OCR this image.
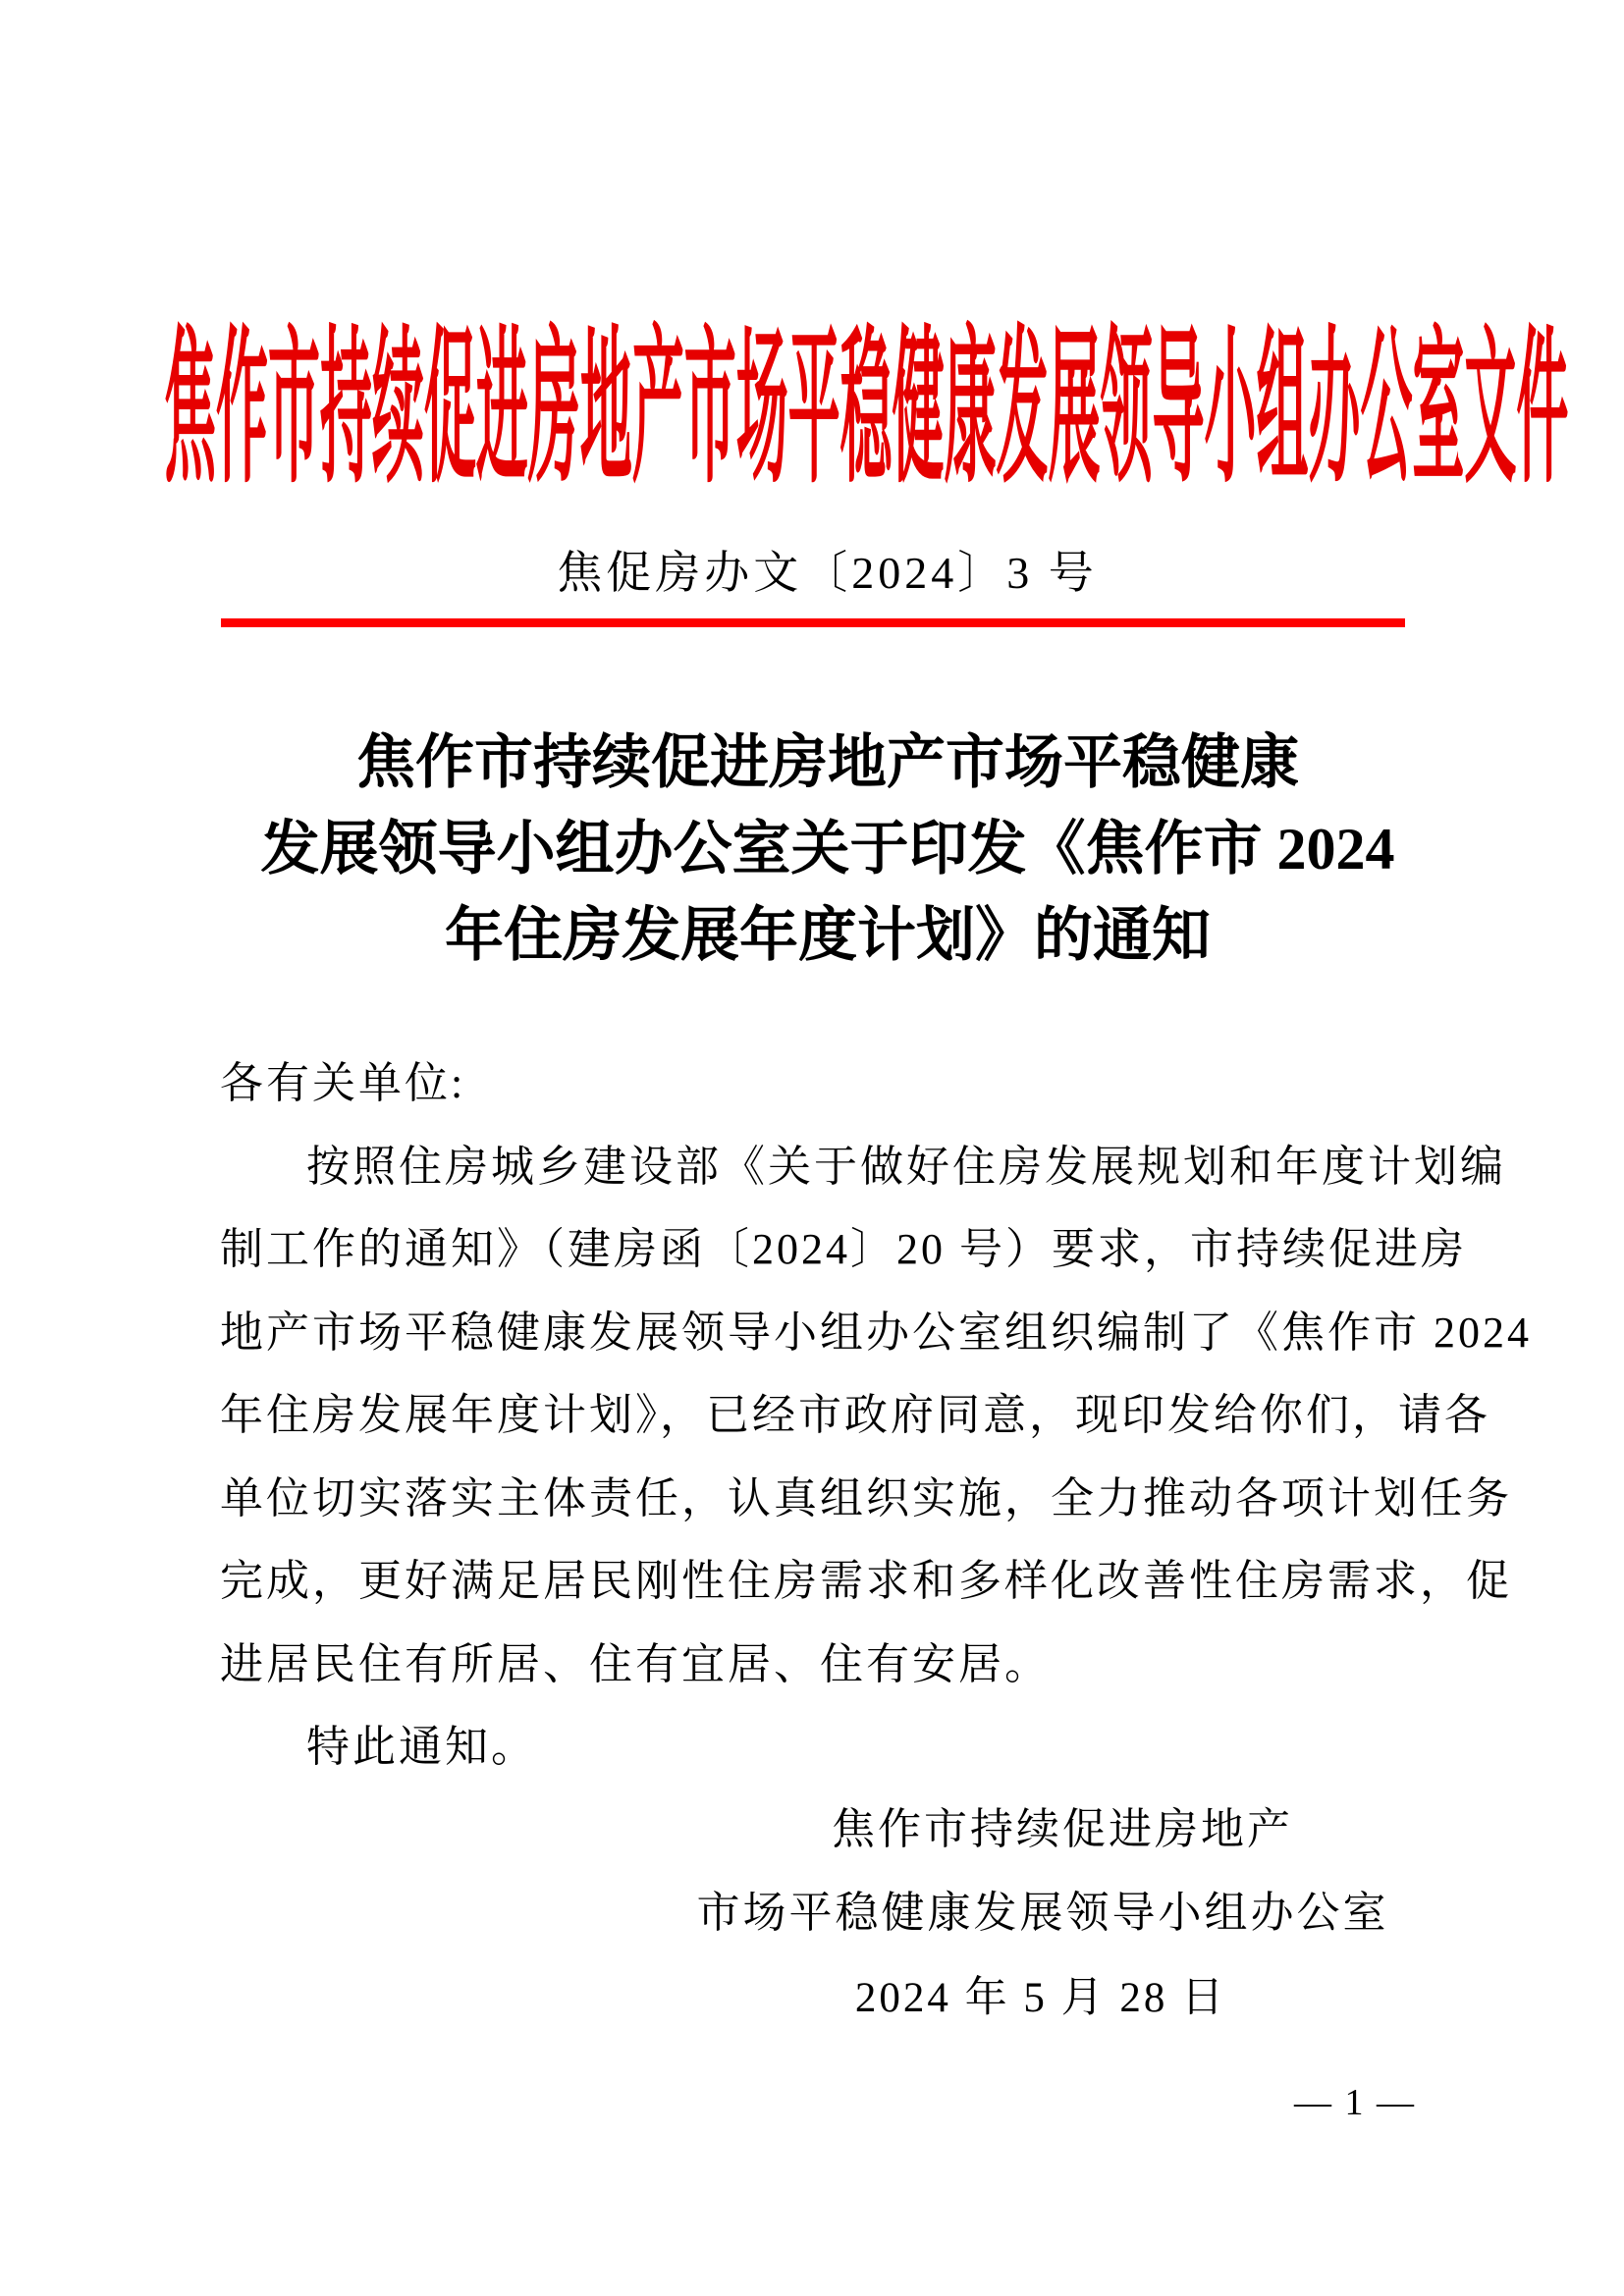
焦作市持续促进房地产市场平稳健康发展领导小组办公室文件
焦促房办文〔2024〕3 号
焦作市持续促进房地产市场平稳健康
发展领导小组办公室关于印发《焦作市 2024
年住房发展年度计划》的通知
各有关单位:
按照住房城乡建设部《关于做好住房发展规划和年度计划编
制工作的通知》（建房函〔2024〕20 号）要求，市持续促进房
地产市场平稳健康发展领导小组办公室组织编制了《焦作市 2024
年住房发展年度计划》，已经市政府同意，现印发给你们，请各
单位切实落实主体责任，认真组织实施，全力推动各项计划任务
完成，更好满足居民刚性住房需求和多样化改善性住房需求，促
进居民住有所居、住有宜居、住有安居。
特此通知。
焦作市持续促进房地产
市场平稳健康发展领导小组办公室
2024 年 5 月 28 日
— 1 —
